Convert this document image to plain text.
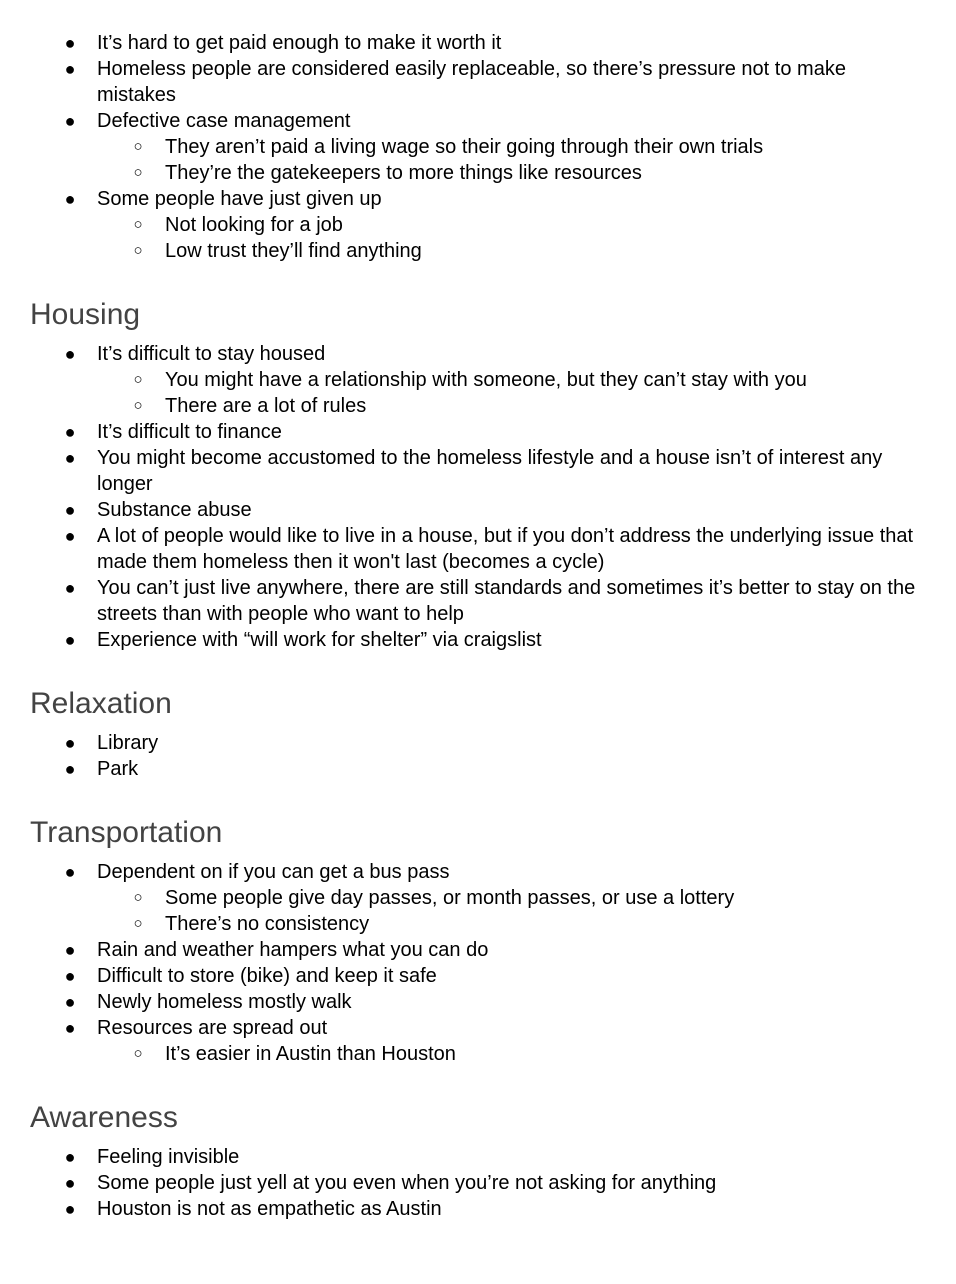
● It’s hard to get paid enough to make it worth it
● Homeless people are considered easily replaceable, so there’s pressure not to make mistakes
● Defective case management
○ They aren’t paid a living wage so their going through their own trials
○ They’re the gatekeepers to more things like resources
● Some people have just given up
○ Not looking for a job
○ Low trust they’ll find anything
Housing
● It’s difficult to stay housed
○ You might have a relationship with someone, but they can’t stay with you
○ There are a lot of rules
● It’s difficult to finance
● You might become accustomed to the homeless lifestyle and a house isn’t of interest any longer
● Substance abuse
● A lot of people would like to live in a house, but if you don’t address the underlying issue that made them homeless then it won't last (becomes a cycle)
● You can’t just live anywhere, there are still standards and sometimes it’s better to stay on the streets than with people who want to help
● Experience with “will work for shelter” via craigslist
Relaxation
● Library
● Park
Transportation
● Dependent on if you can get a bus pass
○ Some people give day passes, or month passes, or use a lottery
○ There’s no consistency
● Rain and weather hampers what you can do
● Difficult to store (bike) and keep it safe
● Newly homeless mostly walk
● Resources are spread out
○ It’s easier in Austin than Houston
Awareness
● Feeling invisible
● Some people just yell at you even when you’re not asking for anything
● Houston is not as empathetic as Austin
